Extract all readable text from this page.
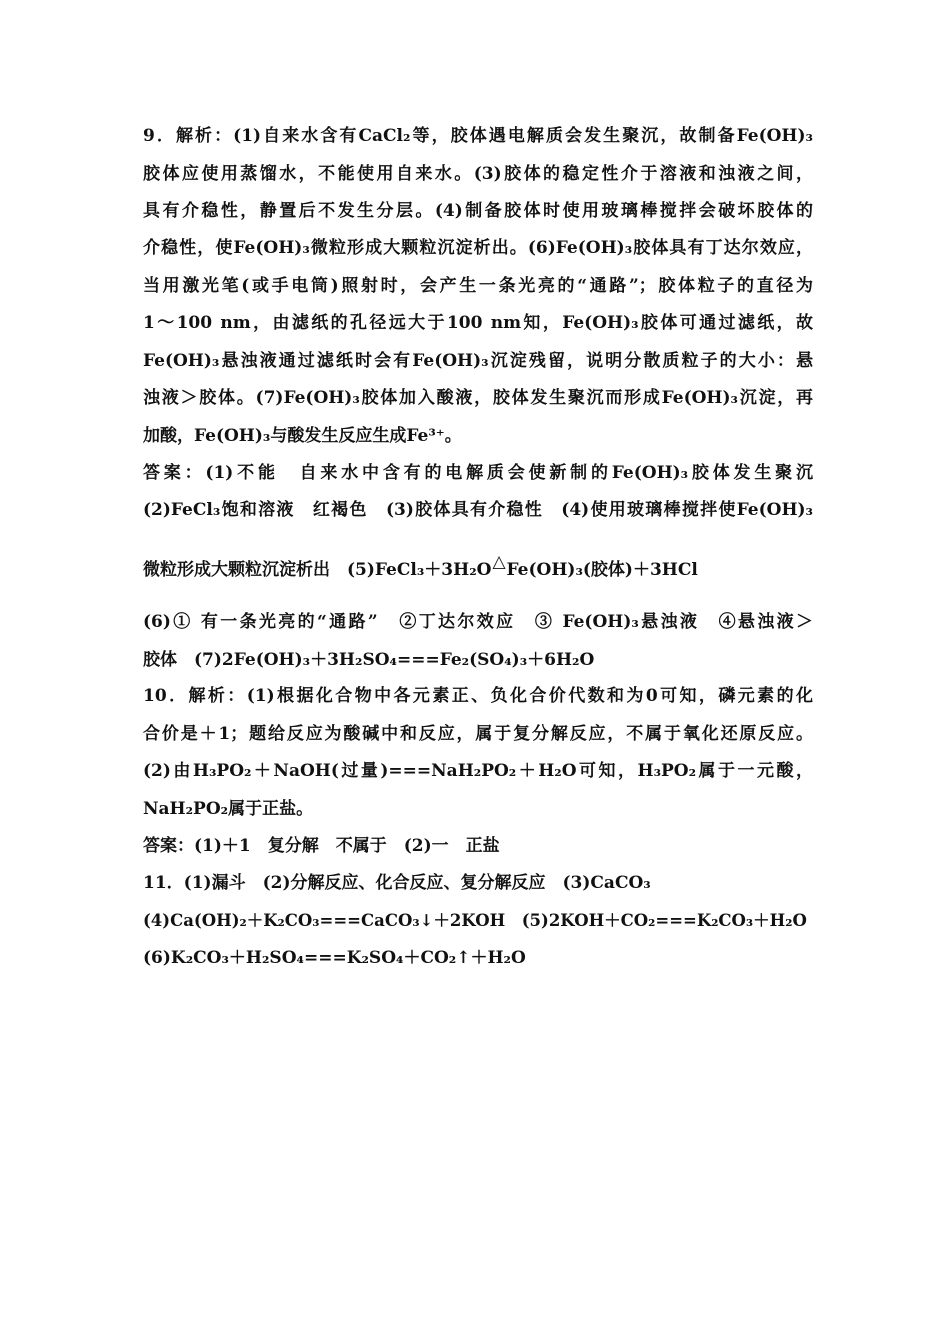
9．解析：(1)自来水含有CaCl₂等，胶体遇电解质会发生聚沉，故制备Fe(OH)₃
胶体应使用蒸馏水，不能使用自来水。(3)胶体的稳定性介于溶液和浊液之间，
具有介稳性，静置后不发生分层。(4)制备胶体时使用玻璃棒搅拌会破坏胶体的
介稳性，使Fe(OH)₃微粒形成大颗粒沉淀析出。(6)Fe(OH)₃胶体具有丁达尔效应，
当用激光笔(或手电筒)照射时，会产生一条光亮的“通路”；胶体粒子的直径为
1～100 nm，由滤纸的孔径远大于100 nm知，Fe(OH)₃胶体可通过滤纸，故
Fe(OH)₃悬浊液通过滤纸时会有Fe(OH)₃沉淀残留，说明分散质粒子的大小：悬
浊液＞胶体。(7)Fe(OH)₃胶体加入酸液，胶体发生聚沉而形成Fe(OH)₃沉淀，再
加酸，Fe(OH)₃与酸发生反应生成Fe³⁺。
答案：(1)不能　自来水中含有的电解质会使新制的Fe(OH)₃胶体发生聚沉
(2)FeCl₃饱和溶液　红褐色　(3)胶体具有介稳性　(4)使用玻璃棒搅拌使Fe(OH)₃
微粒形成大颗粒沉淀析出　(5)FeCl₃＋3H₂O△Fe(OH)₃(胶体)＋3HCl
(6)① 有一条光亮的“通路”　②丁达尔效应　③ Fe(OH)₃悬浊液　④悬浊液＞
胶体　(7)2Fe(OH)₃＋3H₂SO₄===Fe₂(SO₄)₃＋6H₂O
10．解析：(1)根据化合物中各元素正、负化合价代数和为0可知，磷元素的化
合价是＋1；题给反应为酸碱中和反应，属于复分解反应，不属于氧化还原反应。
(2)由H₃PO₂＋NaOH(过量)===NaH₂PO₂＋H₂O可知，H₃PO₂属于一元酸，
NaH₂PO₂属于正盐。
答案：(1)＋1　复分解　不属于　(2)一　正盐
11．(1)漏斗　(2)分解反应、化合反应、复分解反应　(3)CaCO₃
(4)Ca(OH)₂＋K₂CO₃===CaCO₃↓＋2KOH　(5)2KOH＋CO₂===K₂CO₃＋H₂O
(6)K₂CO₃＋H₂SO₄===K₂SO₄＋CO₂↑＋H₂O
